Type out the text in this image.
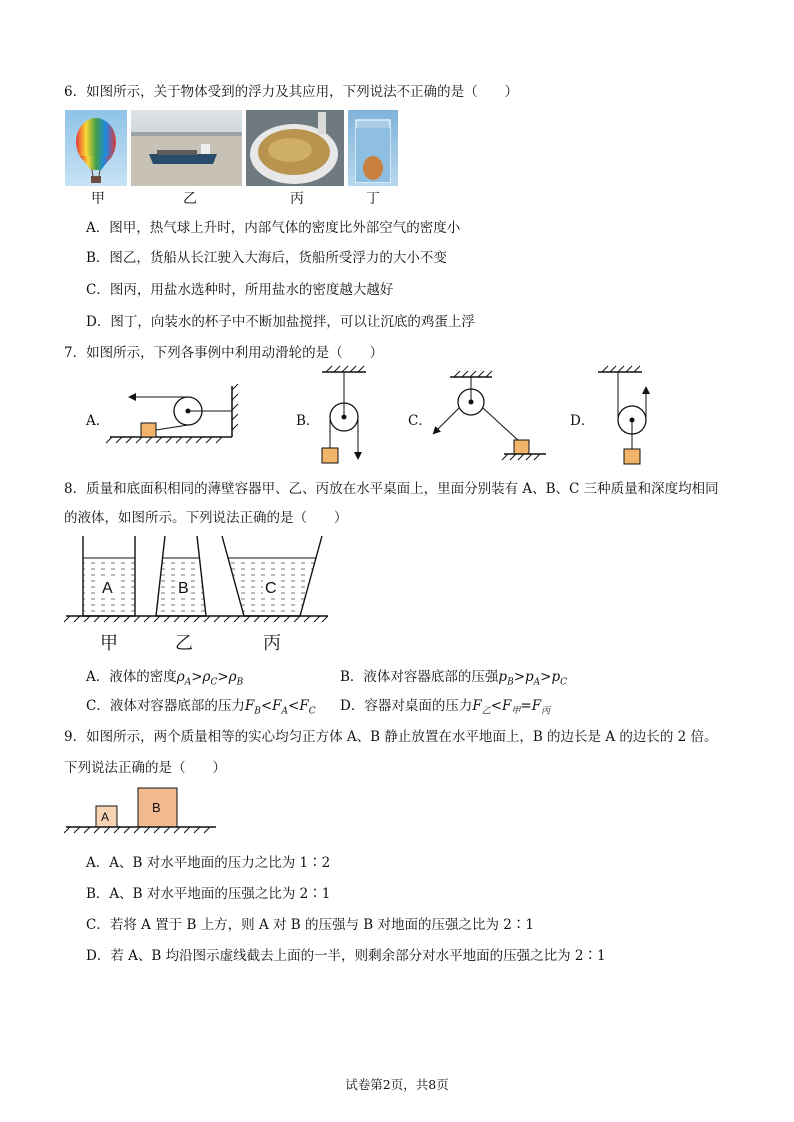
6．如图所示，关于物体受到的浮力及其应用，下列说法不正确的是（　　）
甲	乙	丙	丁
A．图甲，热气球上升时，内部气体的密度比外部空气的密度小
B．图乙，货船从长江驶入大海后，货船所受浮力的大小不变
C．图丙，用盐水选种时，所用盐水的密度越大越好
D．图丁，向装水的杯子中不断加盐搅拌，可以让沉底的鸡蛋上浮
7．如图所示，下列各事例中利用动滑轮的是（　　）
A．	B．	C．	D．
8．质量和底面积相同的薄壁容器甲、乙、丙放在水平桌面上，里面分别装有 A、B、C 三种质量和深度均相同
的液体，如图所示。下列说法正确的是（　　）
A	B	C
甲	乙	丙
A．液体的密度$\rho_A>\rho_C>\rho_B$	B．液体对容器底部的压强$p_B>p_A>p_C$
C．液体对容器底部的压力$F_B<F_A<F_C$ D．容器对桌面的压力$F_乙<F_甲=F_丙$
9．如图所示，两个质量相等的实心均匀正方体 A、B 静止放置在水平地面上，B 的边长是 A 的边长的 2 倍。
下列说法正确的是（　　）
A
B
A．A、B 对水平地面的压力之比为 1∶2
B．A、B 对水平地面的压强之比为 2∶1
C．若将 A 置于 B 上方，则 A 对 B 的压强与 B 对地面的压强之比为 2∶1
D．若 A、B 均沿图示虚线截去上面的一半，则剩余部分对水平地面的压强之比为 2∶1
试卷第2页，共8页
